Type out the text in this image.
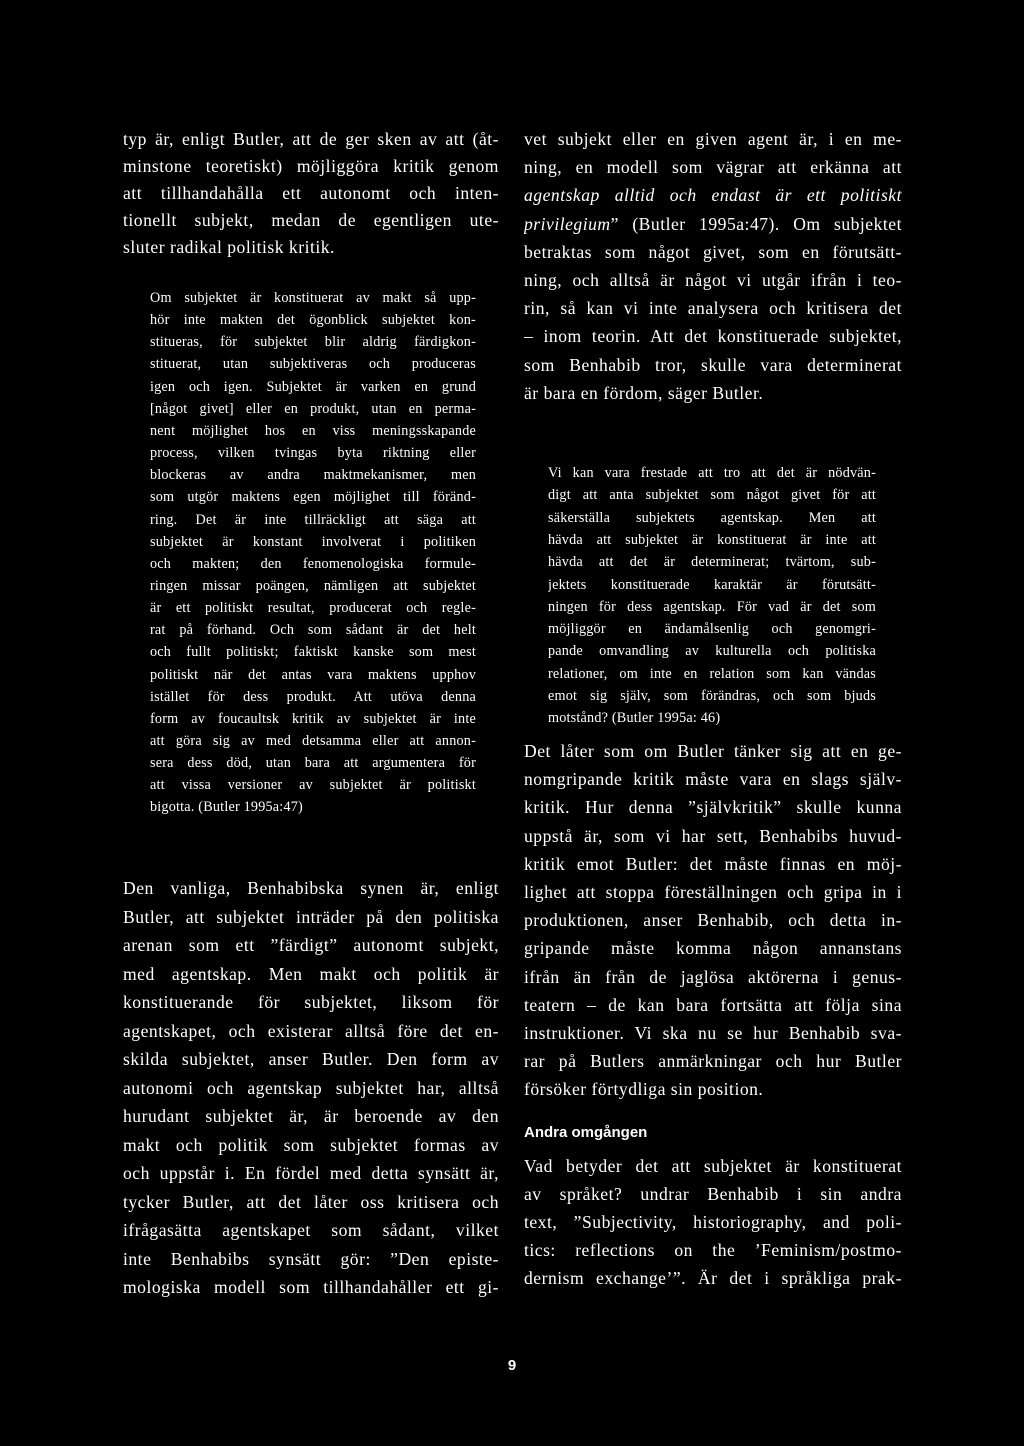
typ är, enligt Butler, att de ger sken av att (åt-
minstone teoretiskt) möjliggöra kritik genom
att tillhandahålla ett autonomt och inten-
tionellt subjekt, medan de egentligen ute-
sluter radikal politisk kritik.
Om subjektet är konstituerat av makt så upp-
hör inte makten det ögonblick subjektet kon-
stitueras, för subjektet blir aldrig färdigkon-
stituerat, utan subjektiveras och produceras
igen och igen. Subjektet är varken en grund
[något givet] eller en produkt, utan en perma-
nent möjlighet hos en viss meningsskapande
process, vilken tvingas byta riktning eller
blockeras av andra maktmekanismer, men
som utgör maktens egen möjlighet till föränd-
ring. Det är inte tillräckligt att säga att
subjektet är konstant involverat i politiken
och makten; den fenomenologiska formule-
ringen missar poängen, nämligen att subjektet
är ett politiskt resultat, producerat och regle-
rat på förhand. Och som sådant är det helt
och fullt politiskt; faktiskt kanske som mest
politiskt när det antas vara maktens upphov
istället för dess produkt. Att utöva denna
form av foucaultsk kritik av subjektet är inte
att göra sig av med detsamma eller att annon-
sera dess död, utan bara att argumentera för
att vissa versioner av subjektet är politiskt
bigotta. (Butler 1995a:47)
Den vanliga, Benhabibska synen är, enligt
Butler, att subjektet inträder på den politiska
arenan som ett ”färdigt” autonomt subjekt,
med agentskap. Men makt och politik är
konstituerande för subjektet, liksom för
agentskapet, och existerar alltså före det en-
skilda subjektet, anser Butler. Den form av
autonomi och agentskap subjektet har, alltså
hurudant subjektet är, är beroende av den
makt och politik som subjektet formas av
och uppstår i. En fördel med detta synsätt är,
tycker Butler, att det låter oss kritisera och
ifrågasätta agentskapet som sådant, vilket
inte Benhabibs synsätt gör: ”Den episte-
mologiska modell som tillhandahåller ett gi-
vet subjekt eller en given agent är, i en me-
ning, en modell som vägrar att erkänna att
agentskap alltid och endast är ett politiskt
privilegium” (Butler 1995a:47). Om subjektet
betraktas som något givet, som en förutsätt-
ning, och alltså är något vi utgår ifrån i teo-
rin, så kan vi inte analysera och kritisera det
– inom teorin. Att det konstituerade subjektet,
som Benhabib tror, skulle vara determinerat
är bara en fördom, säger Butler.
Vi kan vara frestade att tro att det är nödvän-
digt att anta subjektet som något givet för att
säkerställa subjektets agentskap. Men att
hävda att subjektet är konstituerat är inte att
hävda att det är determinerat; tvärtom, sub-
jektets konstituerade karaktär är förutsätt-
ningen för dess agentskap. För vad är det som
möjliggör en ändamålsenlig och genomgri-
pande omvandling av kulturella och politiska
relationer, om inte en relation som kan vändas
emot sig själv, som förändras, och som bjuds
motstånd? (Butler 1995a: 46)
Det låter som om Butler tänker sig att en ge-
nomgripande kritik måste vara en slags själv-
kritik. Hur denna ”självkritik” skulle kunna
uppstå är, som vi har sett, Benhabibs huvud-
kritik emot Butler: det måste finnas en möj-
lighet att stoppa föreställningen och gripa in i
produktionen, anser Benhabib, och detta in-
gripande måste komma någon annanstans
ifrån än från de jaglösa aktörerna i genus-
teatern – de kan bara fortsätta att följa sina
instruktioner. Vi ska nu se hur Benhabib sva-
rar på Butlers anmärkningar och hur Butler
försöker förtydliga sin position.
Vad betyder det att subjektet är konstituerat
av språket? undrar Benhabib i sin andra
text, ”Subjectivity, historiography, and poli-
tics: reflections on the ’Feminism/postmo-
dernism exchange’”. Är det i språkliga prak-
Andra omgången
9
